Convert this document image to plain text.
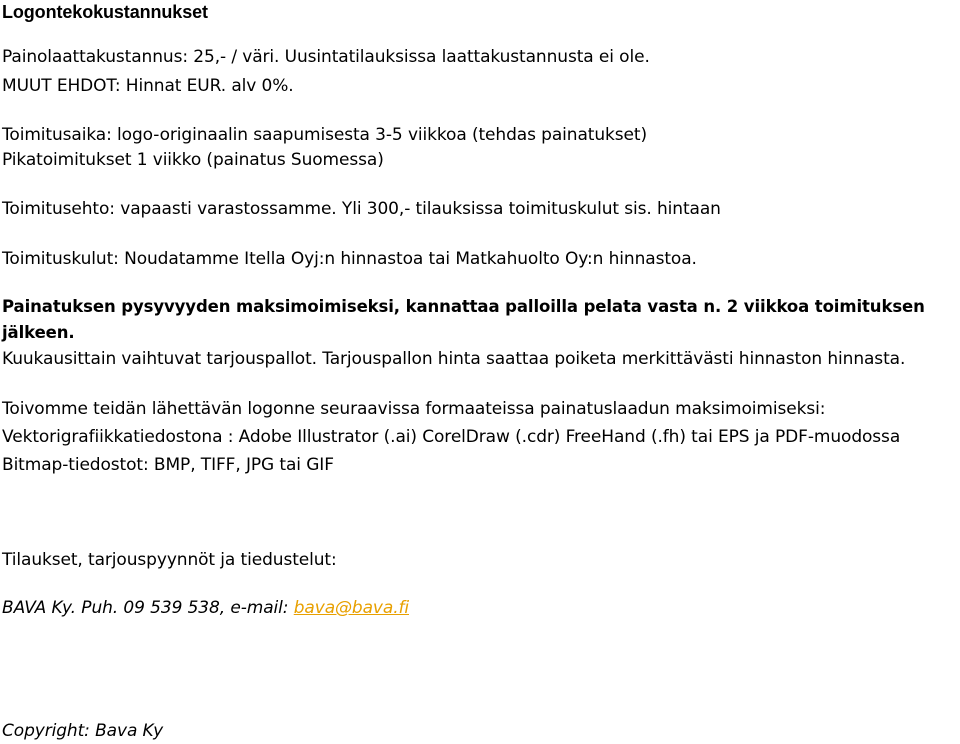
Logontekokustannukset
Painolaattakustannus: 25,- / väri. Uusintatilauksissa laattakustannusta ei ole.
MUUT EHDOT: Hinnat EUR. alv 0%.
Toimitusaika: logo-originaalin saapumisesta 3-5 viikkoa (tehdas painatukset)
Pikatoimitukset 1 viikko (painatus Suomessa)
Toimitusehto: vapaasti varastossamme. Yli 300,- tilauksissa toimituskulut sis. hintaan
Toimituskulut: Noudatamme Itella Oyj:n hinnastoa tai Matkahuolto Oy:n hinnastoa.
Painatuksen pysyvyyden maksimoimiseksi, kannattaa palloilla pelata vasta n. 2 viikkoa toimituksen
jälkeen.
Kuukausittain vaihtuvat tarjouspallot. Tarjouspallon hinta saattaa poiketa merkittävästi hinnaston hinnasta.
Toivomme teidän lähettävän logonne seuraavissa formaateissa painatuslaadun maksimoimiseksi:
Vektorigrafiikkatiedostona : Adobe Illustrator (.ai) CorelDraw (.cdr) FreeHand (.fh) tai EPS ja PDF-muodossa
Bitmap-tiedostot: BMP, TIFF, JPG tai GIF
Tilaukset, tarjouspyynnöt ja tiedustelut:
BAVA Ky. Puh. 09 539 538, e-mail: bava@bava.fi
Copyright: Bava Ky
